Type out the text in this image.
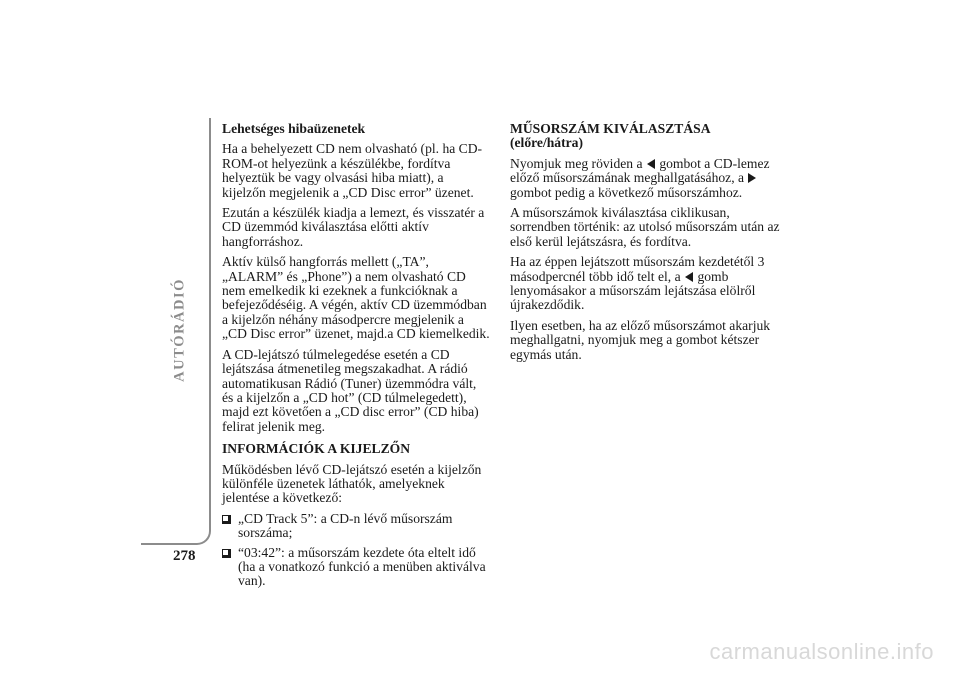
AUTÓRÁDIÓ
278
Lehetséges hibaüzenetek

Ha a behelyezett CD nem olvasható (pl. ha CD-ROM-ot helyezünk a készülékbe, fordítva helyeztük be vagy olvasási hiba miatt), a kijelzőn megjelenik a „CD Disc error” üzenet.

Ezután a készülék kiadja a lemezt, és visszatér a CD üzemmód kiválasztása előtti aktív hangforráshoz.

Aktív külső hangforrás mellett („TA”, „ALARM” és „Phone”) a nem olvasható CD nem emelkedik ki ezeknek a funkcióknak a befejeződéséig. A végén, aktív CD üzemmódban a kijelzőn néhány másodpercre megjelenik a „CD Disc error” üzenet, majd.a CD kiemelkedik.

A CD-lejátszó túlmelegedése esetén a CD lejátszása átmenetileg megszakadhat. A rádió automatikusan Rádió (Tuner) üzemmódra vált, és a kijelzőn a „CD hot” (CD túlmelegedett), majd ezt követően a „CD disc error” (CD hiba) felirat jelenik meg.

INFORMÁCIÓK A KIJELZŐN

Működésben lévő CD-lejátszó esetén a kijelzőn különféle üzenetek láthatók, amelyeknek jelentése a következő:

„CD Track 5”: a CD-n lévő műsorszám sorszáma;
“03:42”: a műsorszám kezdete óta eltelt idő (ha a vonatkozó funkció a menüben aktiválva van).
MŰSORSZÁM KIVÁLASZTÁSA (előre/hátra)

Nyomjuk meg röviden a gombot a CD-lemez előző műsorszámának meghallgatásához, a  gombot pedig a következő műsorszámhoz.

A műsorszámok kiválasztása ciklikusan, sorrendben történik: az utolsó műsorszám után az első kerül lejátszásra, és fordítva.

Ha az éppen lejátszott műsorszám kezdetétől 3 másodpercnél több idő telt el, a gomb lenyomásakor a műsorszám lejátszása elölről újrakezdődik.

Ilyen esetben, ha az előző műsorszámot akarjuk meghallgatni, nyomjuk meg a gombot kétszer egymás után.

carmanualsonline.info
